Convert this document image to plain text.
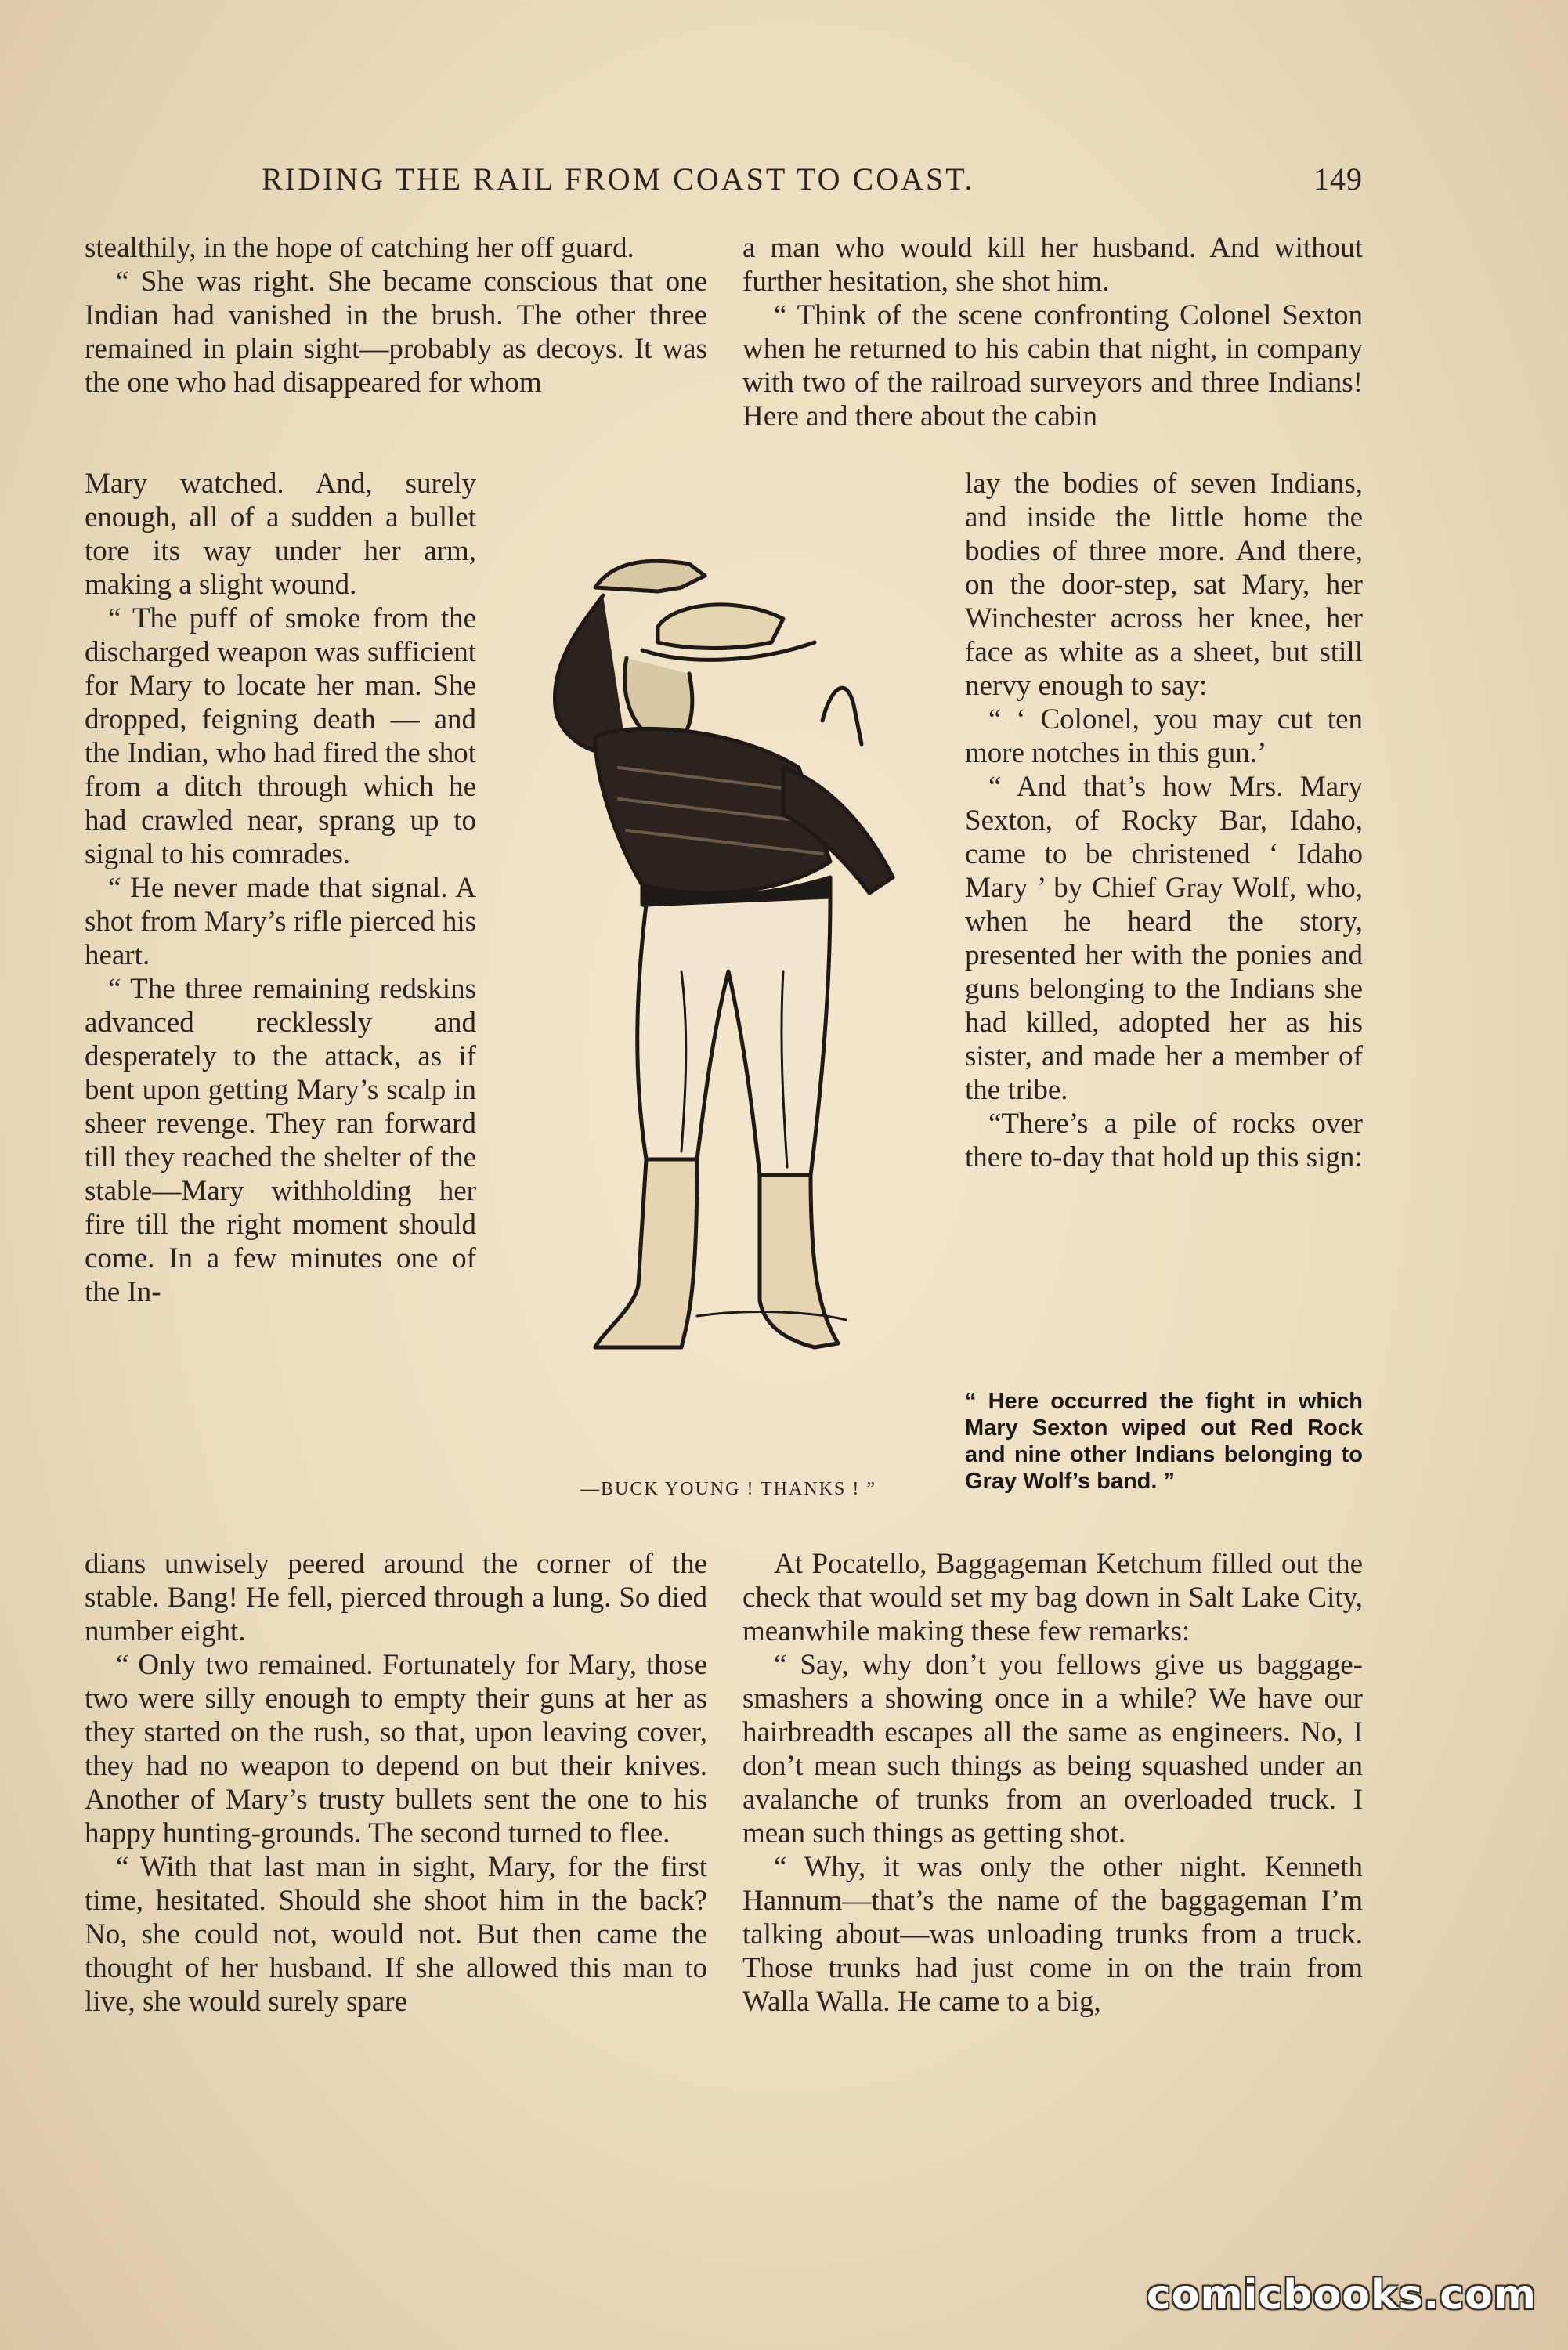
RIDING THE RAIL FROM COAST TO COAST.	149

stealthily, in the hope of catching her off guard.

“ She was right. She became conscious that one Indian had vanished in the brush. The other three remained in plain sight—probably as decoys. It was the one who had disappeared for whom

Mary watched. And, surely enough, all of a sudden a bullet tore its way under her arm, making a slight wound.

“ The puff of smoke from the discharged weapon was sufficient for Mary to locate her man. She dropped, feigning death — and the Indian, who had fired the shot from a ditch through which he had crawled near, sprang up to signal to his comrades.

“ He never made that signal. A shot from Mary’s rifle pierced his heart.

“ The three remaining redskins advanced recklessly and desperately to the attack, as if bent upon getting Mary’s scalp in sheer revenge. They ran forward till they reached the shelter of the stable—Mary withholding her fire till the right moment should come. In a few minutes one of the In-

a man who would kill her husband. And without further hesitation, she shot him.

“ Think of the scene confronting Colonel Sexton when he returned to his cabin that night, in company with two of the railroad surveyors and three Indians! Here and there about the cabin

lay the bodies of seven Indians, and inside the little home the bodies of three more. And there, on the door-step, sat Mary, her Winchester across her knee, her face as white as a sheet, but still nervy enough to say:

“ ‘ Colonel, you may cut ten more notches in this gun.’

“ And that’s how Mrs. Mary Sexton, of Rocky Bar, Idaho, came to be christened ‘ Idaho Mary ’ by Chief Gray Wolf, who, when he heard the story, presented her with the ponies and guns belonging to the Indians she had killed, adopted her as his sister, and made her a member of the tribe.

“There’s a pile of rocks over there to-day that hold up this sign:

“ Here occurred the fight in which Mary Sexton wiped out Red Rock and nine other Indians belonging to Gray Wolf’s band. ”
—BUCK YOUNG ! THANKS ! ”

dians unwisely peered around the corner of the stable. Bang! He fell, pierced through a lung. So died number eight.

“ Only two remained. Fortunately for Mary, those two were silly enough to empty their guns at her as they started on the rush, so that, upon leaving cover, they had no weapon to depend on but their knives. Another of Mary’s trusty bullets sent the one to his happy hunting-grounds. The second turned to flee.

“ With that last man in sight, Mary, for the first time, hesitated. Should she shoot him in the back? No, she could not, would not. But then came the thought of her husband. If she allowed this man to live, she would surely spare

At Pocatello, Baggageman Ketchum filled out the check that would set my bag down in Salt Lake City, meanwhile making these few remarks:

“ Say, why don’t you fellows give us baggage-smashers a showing once in a while? We have our hairbreadth escapes all the same as engineers. No, I don’t mean such things as being squashed under an avalanche of trunks from an overloaded truck. I mean such things as getting shot.

“ Why, it was only the other night. Kenneth Hannum—that’s the name of the baggageman I’m talking about—was unloading trunks from a truck. Those trunks had just come in on the train from Walla Walla. He came to a big,

comicbooks.com
